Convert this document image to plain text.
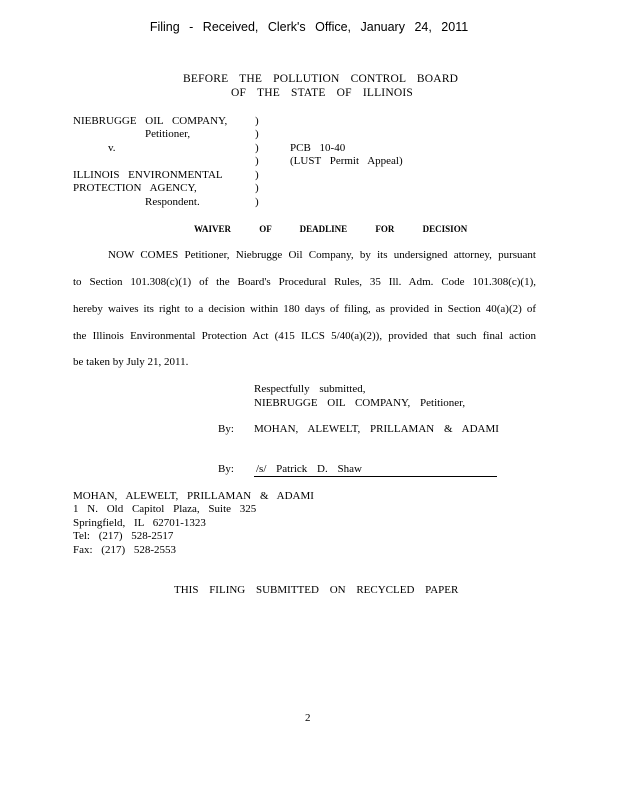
Filing - Received, Clerk's Office, January 24, 2011
BEFORE THE POLLUTION CONTROL BOARD
OF THE STATE OF ILLINOIS
NIEBRUGGE OIL COMPANY,
Petitioner,
v.
ILLINOIS ENVIRONMENTAL
PROTECTION AGENCY,
Respondent.
)
)
)
)
)
)
)
PCB 10-40
(LUST Permit Appeal)
WAIVER OF DEADLINE FOR DECISION
NOW COMES Petitioner, Niebrugge Oil Company, by its undersigned attorney, pursuant
to Section 101.308(c)(1) of the Board's Procedural Rules, 35 Ill. Adm. Code 101.308(c)(1),
hereby waives its right to a decision within 180 days of filing, as provided in Section 40(a)(2) of
the Illinois Environmental Protection Act (415 ILCS 5/40(a)(2)), provided that such final action
be taken by July 21, 2011.
Respectfully submitted,
NIEBRUGGE OIL COMPANY, Petitioner,
By: MOHAN, ALEWELT, PRILLAMAN & ADAMI
By: /s/ Patrick D. Shaw
MOHAN, ALEWELT, PRILLAMAN & ADAMI
1 N. Old Capitol Plaza, Suite 325
Springfield, IL 62701-1323
Tel: (217) 528-2517
Fax: (217) 528-2553
THIS FILING SUBMITTED ON RECYCLED PAPER
2
